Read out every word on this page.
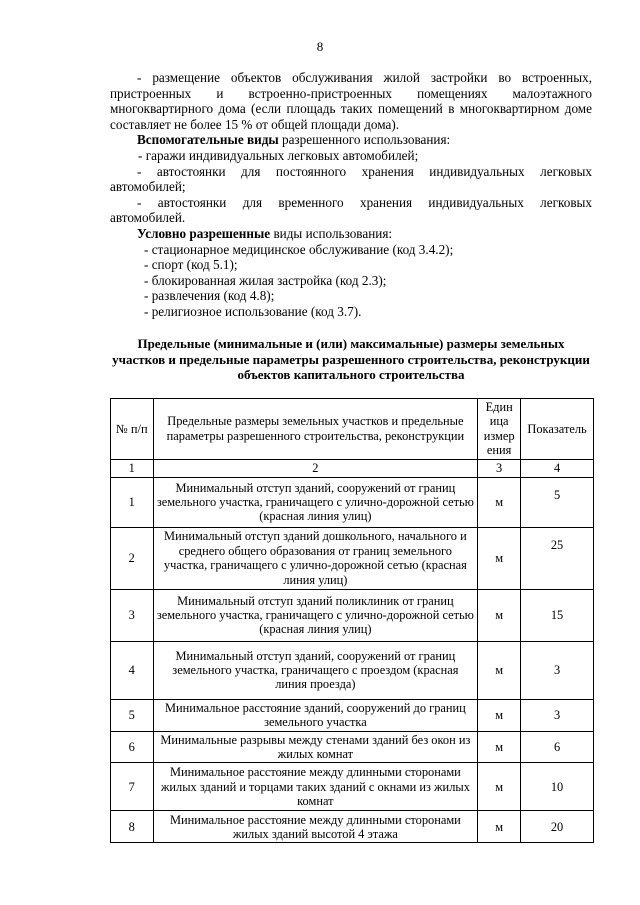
8

- размещение объектов обслуживания жилой застройки во встроенных, пристроенных и встроенно-пристроенных помещениях малоэтажного многоквартирного дома (если площадь таких помещений в многоквартирном доме составляет не более 15 % от общей площади дома).

Вспомогательные виды разрешенного использования:

- гаражи индивидуальных легковых автомобилей;

- автостоянки для постоянного хранения индивидуальных легковых автомобилей;

- автостоянки для временного хранения индивидуальных легковых автомобилей.

Условно разрешенные виды использования:

- стационарное медицинское обслуживание (код 3.4.2);

- спорт (код 5.1);

- блокированная жилая застройка (код 2.3);

- развлечения (код 4.8);

- религиозное использование (код 3.7).

Предельные (минимальные и (или) максимальные) размеры земельных участков и предельные параметры разрешенного строительства, реконструкции объектов капитального строительства
№ п/п	Предельные размеры земельных участков и предельные параметры разрешенного строительства, реконструкции	Един ица измер ения	Показатель
1	2	3	4
1	Минимальный отступ зданий, сооружений от границ земельного участка, граничащего с улично-дорожной сетью (красная линия улиц)	м	5
2	Минимальный отступ зданий дошкольного, начального и среднего общего образования от границ земельного участка, граничащего с улично-дорожной сетью (красная линия улиц)	м	25
3	Минимальный отступ зданий поликлиник от границ земельного участка, граничащего с улично-дорожной сетью (красная линия улиц)	м	15
4	Минимальный отступ зданий, сооружений от границ земельного участка, граничащего с проездом (красная линия проезда)	м	3
5	Минимальное расстояние зданий, сооружений до границ земельного участка	м	3
6	Минимальные разрывы между стенами зданий без окон из жилых комнат	м	6
7	Минимальное расстояние между длинными сторонами жилых зданий и торцами таких зданий с окнами из жилых комнат	м	10
8	Минимальное расстояние между длинными сторонами жилых зданий высотой 4 этажа	м	20
